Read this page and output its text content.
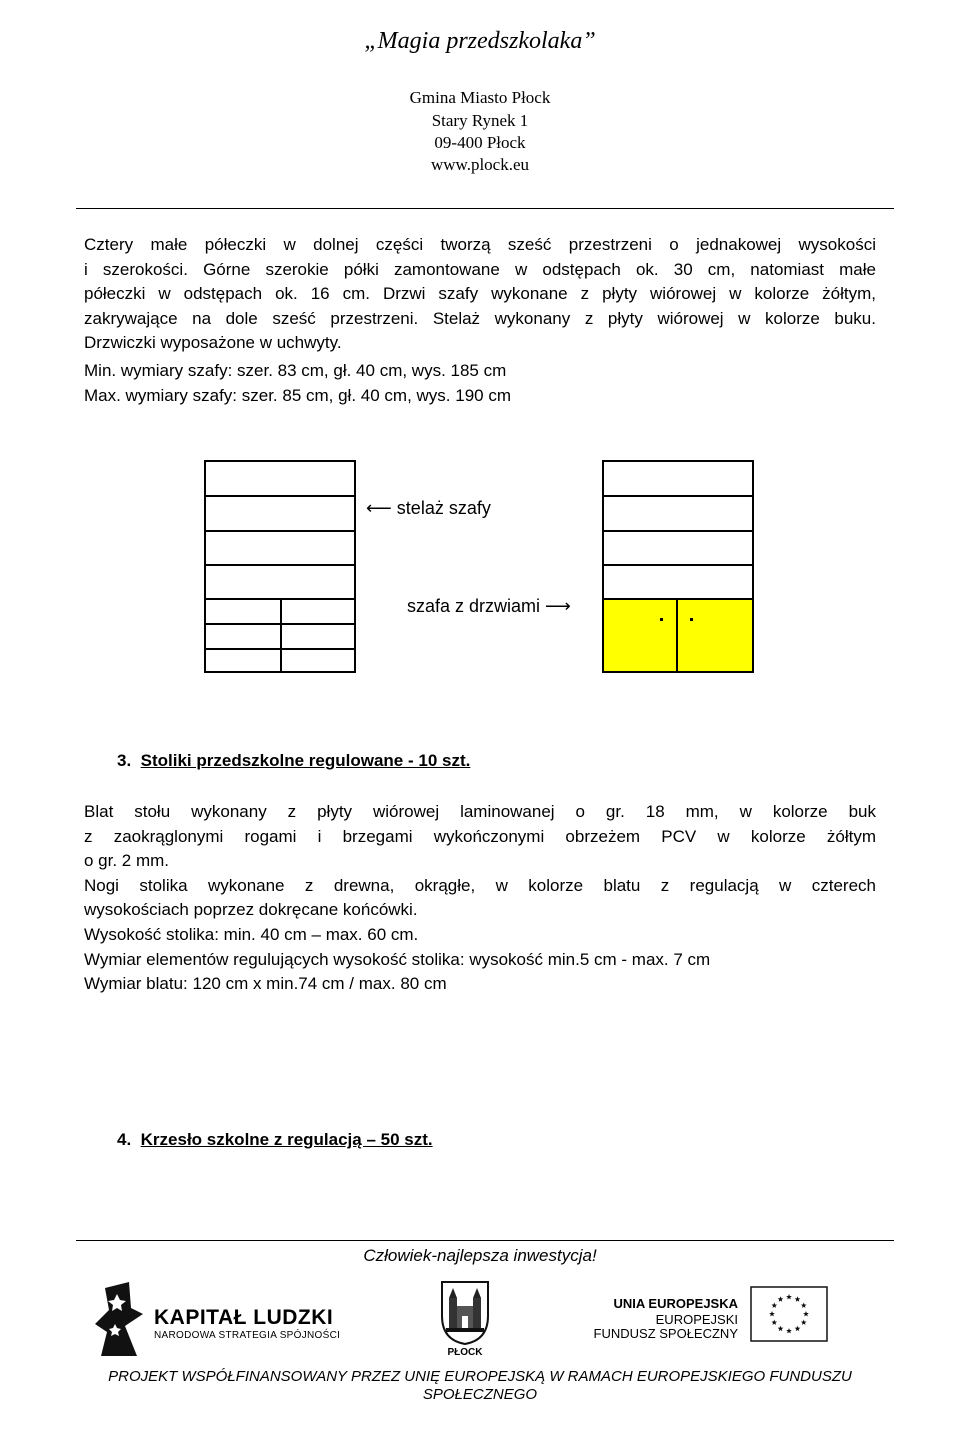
„Magia przedszkolaka”
Gmina Miasto Płock
Stary Rynek 1
09-400 Płock
www.plock.eu
Cztery małe półeczki w dolnej części tworzą sześć przestrzeni o jednakowej wysokości
i szerokości. Górne szerokie półki zamontowane w odstępach ok. 30 cm, natomiast małe
półeczki w odstępach ok. 16 cm. Drzwi szafy wykonane z płyty wiórowej w kolorze żółtym,
zakrywające na dole sześć przestrzeni. Stelaż wykonany z płyty wiórowej w kolorze buku.
Drzwiczki wyposażone w uchwyty.
Min. wymiary szafy: szer. 83 cm, gł. 40 cm, wys. 185 cm
Max. wymiary szafy: szer. 85 cm, gł. 40 cm, wys. 190 cm
⟵ stelaż szafy
szafa z drzwiami ⟶
3. Stoliki przedszkolne regulowane - 10 szt.
Blat stołu wykonany z płyty wiórowej laminowanej o gr. 18 mm, w kolorze buk
z zaokrąglonymi rogami i brzegami wykończonymi obrzeżem PCV w kolorze żółtym
o gr. 2 mm.
Nogi stolika wykonane z drewna, okrągłe, w kolorze blatu z regulacją w czterech
wysokościach poprzez dokręcane końcówki.
Wysokość stolika: min. 40 cm – max. 60 cm.
Wymiar elementów regulujących wysokość stolika: wysokość min.5 cm - max. 7 cm
Wymiar blatu: 120 cm x min.74 cm / max. 80 cm
4. Krzesło szkolne z regulacją – 50 szt.
Człowiek-najlepsza inwestycja!
KAPITAŁ LUDZKI
NARODOWA STRATEGIA SPÓJNOŚCI
PŁOCK
UNIA EUROPEJSKA
EUROPEJSKI
FUNDUSZ SPOŁECZNY
PROJEKT WSPÓŁFINANSOWANY PRZEZ UNIĘ EUROPEJSKĄ W RAMACH EUROPEJSKIEGO FUNDUSZU
SPOŁECZNEGO
